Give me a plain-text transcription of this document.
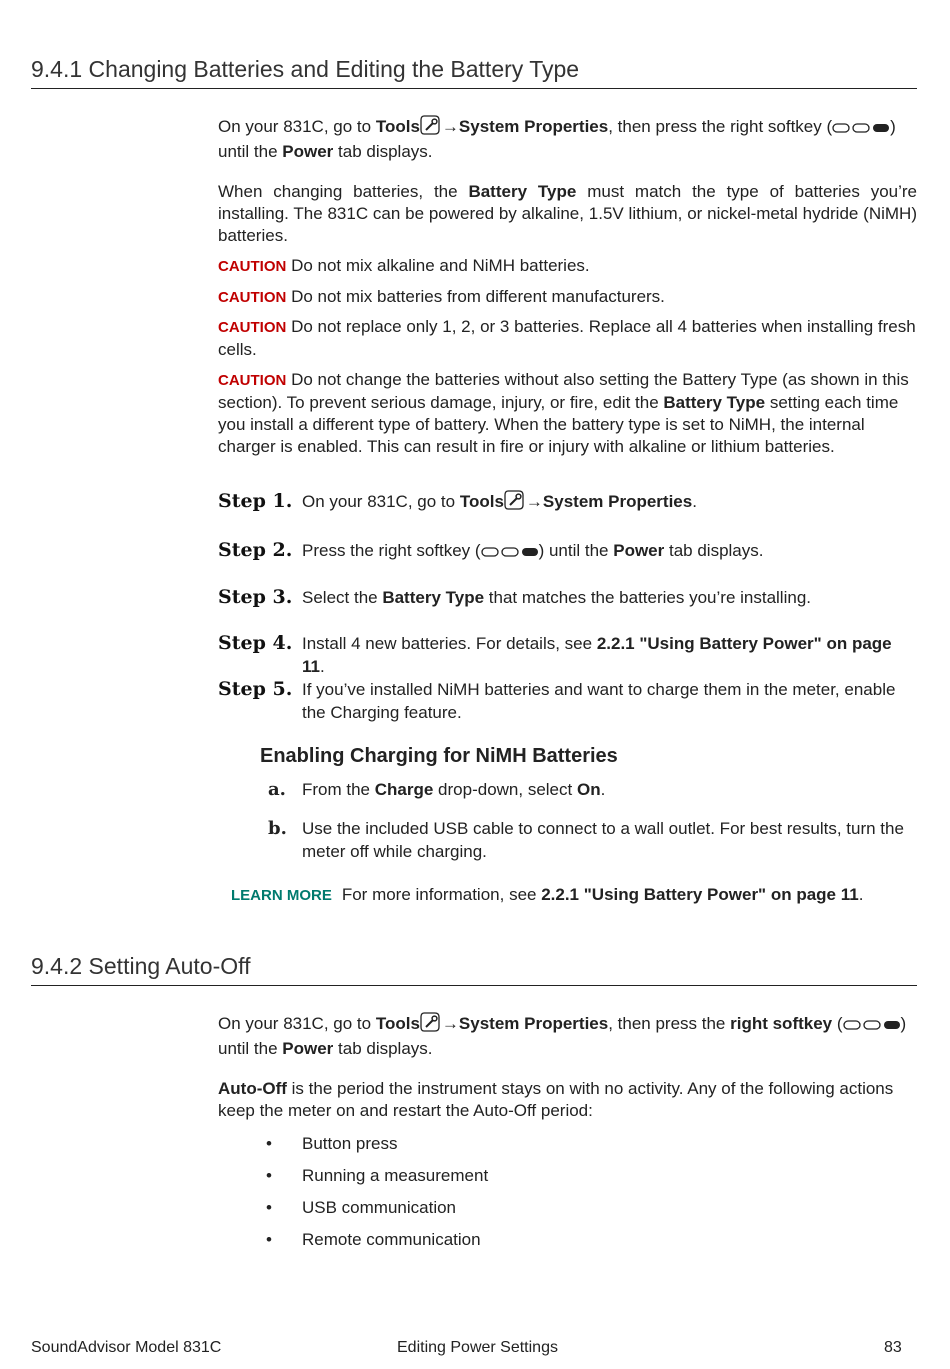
9.4.1 Changing Batteries and Editing the Battery Type
On your 831C, go to Tools →System Properties, then press the right softkey (	) until the Power tab displays.
When changing batteries, the Battery Type must match the type of batteries you’re installing. The 831C can be powered by alkaline, 1.5V lithium, or nickel-metal hydride (NiMH) batteries.
CAUTION Do not mix alkaline and NiMH batteries.
CAUTION Do not mix batteries from different manufacturers.
CAUTION Do not replace only 1, 2, or 3 batteries. Replace all 4 batteries when installing fresh cells.
CAUTION Do not change the batteries without also setting the Battery Type (as shown in this section). To prevent serious damage, injury, or fire, edit the Battery Type setting each time you install a different type of battery. When the battery type is set to NiMH, the internal charger is enabled. This can result in fire or injury with alkaline or lithium batteries.
Step 1. On your 831C, go to Tools →System Properties.
Step 2. Press the right softkey (	) until the Power tab displays.
Step 3. Select the Battery Type that matches the batteries you’re installing.
Step 4. Install 4 new batteries. For details, see 2.2.1 "Using Battery Power" on page 11.
Step 5. If you’ve installed NiMH batteries and want to charge them in the meter, enable the Charging feature.
Enabling Charging for NiMH Batteries
a. From the Charge drop-down, select On.
b. Use the included USB cable to connect to a wall outlet. For best results, turn the meter off while charging.
LEARN MORE For more information, see 2.2.1 "Using Battery Power" on page 11.
9.4.2 Setting Auto-Off
On your 831C, go to Tools →System Properties, then press the right softkey (	)
until the Power tab displays.
Auto-Off is the period the instrument stays on with no activity. Any of the following actions keep the meter on and restart the Auto-Off period:
• Button press
• Running a measurement
• USB communication
• Remote communication
SoundAdvisor Model 831C	Editing Power Settings	83
